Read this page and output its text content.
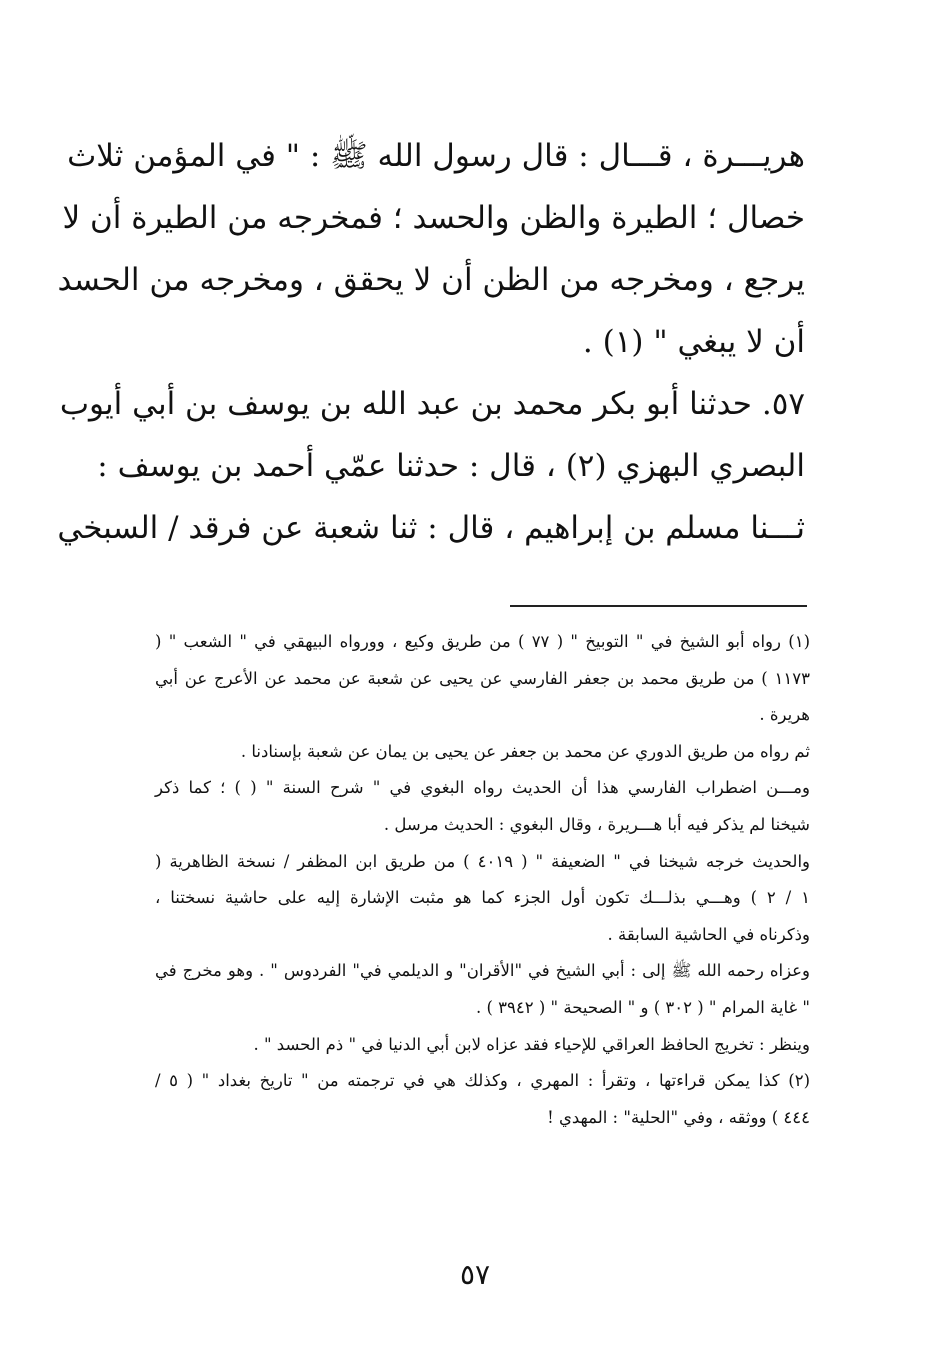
هريـــرة ، قـــال : قال رسول الله ﷺ : " في المؤمن ثلاث
خصال ؛ الطيرة والظن والحسد ؛ فمخرجه من الطيرة أن لا
يرجع ، ومخرجه من الظن أن لا يحقق ، ومخرجه من الحسد
أن لا يبغي " (١) .
٥٧. حدثنا أبو بكر محمد بن عبد الله بن يوسف بن أبي أيوب
البصري البهزي (٢) ، قال : حدثنا عمّي أحمد بن يوسف :
ثـــنا مسلم بن إبراهيم ، قال : ثنا شعبة عن فرقد / السبخي
(١) رواه أبو الشيخ في " التوبيخ " ( ٧٧ ) من طريق وكيع ، وورواه البيهقي في " الشعب " (
١١٧٣ ) من طريق محمد بن جعفر الفارسي عن يحيى عن شعبة عن محمد عن الأعرج عن أبي
هريرة .
ثم رواه من طريق الدوري عن محمد بن جعفر عن يحيى بن يمان عن شعبة بإسنادنا .
ومـــن اضطراب الفارسي هذا أن الحديث رواه البغوي في " شرح السنة " ( ) ؛ كما ذكر
شيخنا لم يذكر فيه أبا هـــريرة ، وقال البغوي : الحديث مرسل .
والحديث خرجه شيخنا في " الضعيفة " ( ٤٠١٩ ) من طريق ابن المظفر / نسخة الظاهرية (
١ / ٢ ) وهـــي بذلـــك تكون أول الجزء كما هو مثبت الإشارة إليه على حاشية نسختنا ،
وذكرناه في الحاشية السابقة .
وعزاه رحمه الله ﷺ إلى : أبي الشيخ في "الأقران" و الديلمي في" الفردوس " . وهو مخرج في
" غاية المرام " ( ٣٠٢ ) و " الصحيحة " ( ٣٩٤٢ ) .
وينظر : تخريج الحافظ العراقي للإحياء فقد عزاه لابن أبي الدنيا في " ذم الحسد " .
(٢) كذا يمكن قراءتها ، وتقرأ : المهري ، وكذلك هي في ترجمته من " تاريخ بغداد " ( ٥ /
٤٤٤ ) ووثقه ، وفي "الحلية" : المهدي !
٥٧
